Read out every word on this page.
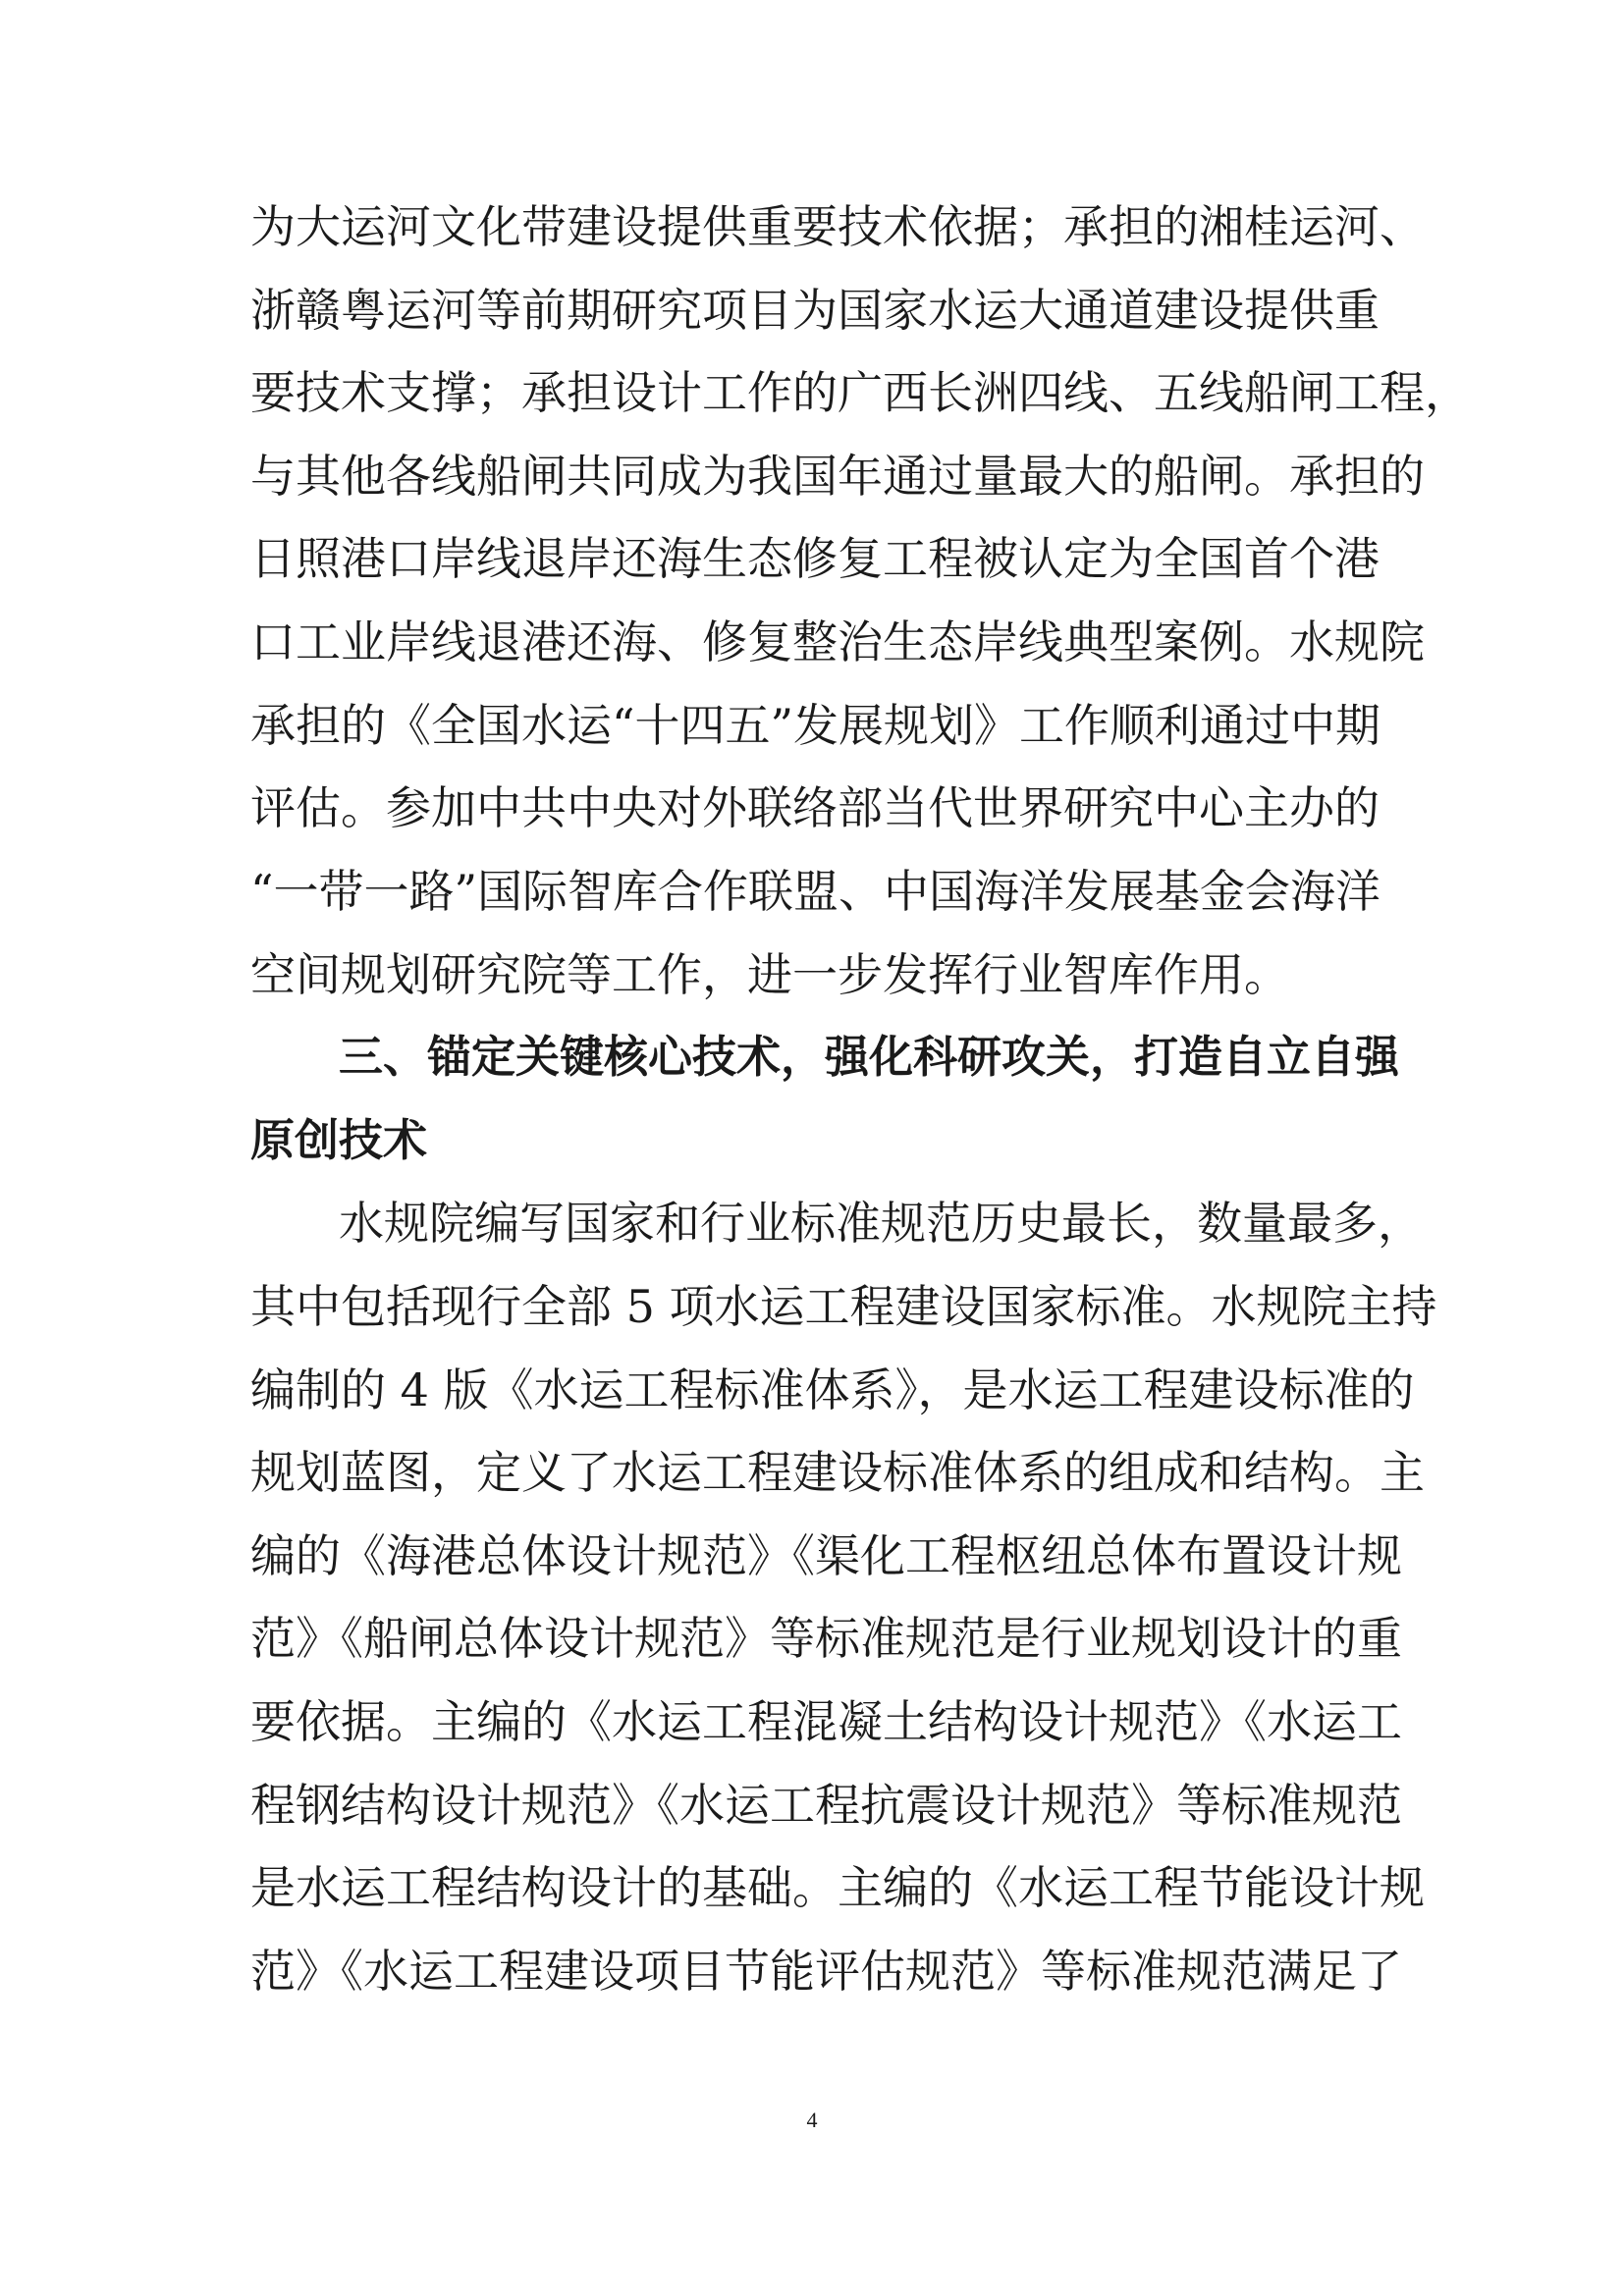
为大运河文化带建设提供重要技术依据；承担的湘桂运河、
浙赣粤运河等前期研究项目为国家水运大通道建设提供重
要技术支撑；承担设计工作的广西长洲四线、五线船闸工程，
与其他各线船闸共同成为我国年通过量最大的船闸。承担的
日照港口岸线退岸还海生态修复工程被认定为全国首个港
口工业岸线退港还海、修复整治生态岸线典型案例。水规院
承担的《全国水运“十四五”发展规划》工作顺利通过中期
评估。参加中共中央对外联络部当代世界研究中心主办的
“一带一路”国际智库合作联盟、中国海洋发展基金会海洋
空间规划研究院等工作，进一步发挥行业智库作用。
三、锚定关键核心技术，强化科研攻关，打造自立自强
原创技术
水规院编写国家和行业标准规范历史最长，数量最多，
其中包括现行全部 5 项水运工程建设国家标准。水规院主持
编制的 4 版《水运工程标准体系》，是水运工程建设标准的
规划蓝图，定义了水运工程建设标准体系的组成和结构。主
编的《海港总体设计规范》《渠化工程枢纽总体布置设计规
范》《船闸总体设计规范》等标准规范是行业规划设计的重
要依据。主编的《水运工程混凝土结构设计规范》《水运工
程钢结构设计规范》《水运工程抗震设计规范》等标准规范
是水运工程结构设计的基础。主编的《水运工程节能设计规
范》《水运工程建设项目节能评估规范》等标准规范满足了
4
